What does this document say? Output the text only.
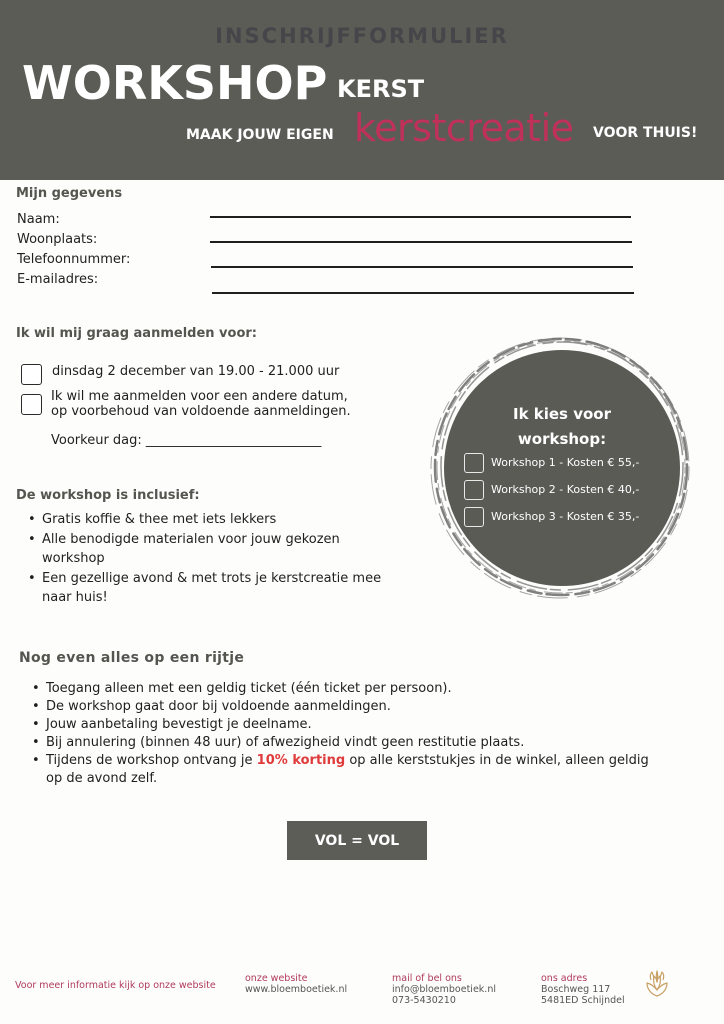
INSCHRIJFFORMULIER
WORKSHOP KERST
MAAK JOUW EIGEN kerstcreatie VOOR THUIS!
Mijn gegevens
Naam:
Woonplaats:
Telefoonnummer:
E-mailadres:
Ik wil mij graag aanmelden voor:
dinsdag 2 december van 19.00 - 21.000 uur
Ik wil me aanmelden voor een andere datum,
op voorbehoud van voldoende aanmeldingen.
Voorkeur dag: ___________________________
De workshop is inclusief:
• Gratis koffie & thee met iets lekkers
• Alle benodigde materialen voor jouw gekozen workshop
• Een gezellige avond & met trots je kerstcreatie mee naar huis!
Ik kies voor
workshop:
Workshop 1 - Kosten € 55,-
Workshop 2 - Kosten € 40,-
Workshop 3 - Kosten € 35,-
Nog even alles op een rijtje
• Toegang alleen met een geldig ticket (één ticket per persoon).
• De workshop gaat door bij voldoende aanmeldingen.
• Jouw aanbetaling bevestigt je deelname.
• Bij annulering (binnen 48 uur) of afwezigheid vindt geen restitutie plaats.
• Tijdens de workshop ontvang je 10% korting op alle kerststukjes in de winkel, alleen geldig op de avond zelf.
VOL = VOL
Voor meer informatie kijk op onze website
onze website
www.bloemboetiek.nl
mail of bel ons
info@bloemboetiek.nl
073-5430210
ons adres
Boschweg 117
5481ED Schijndel
